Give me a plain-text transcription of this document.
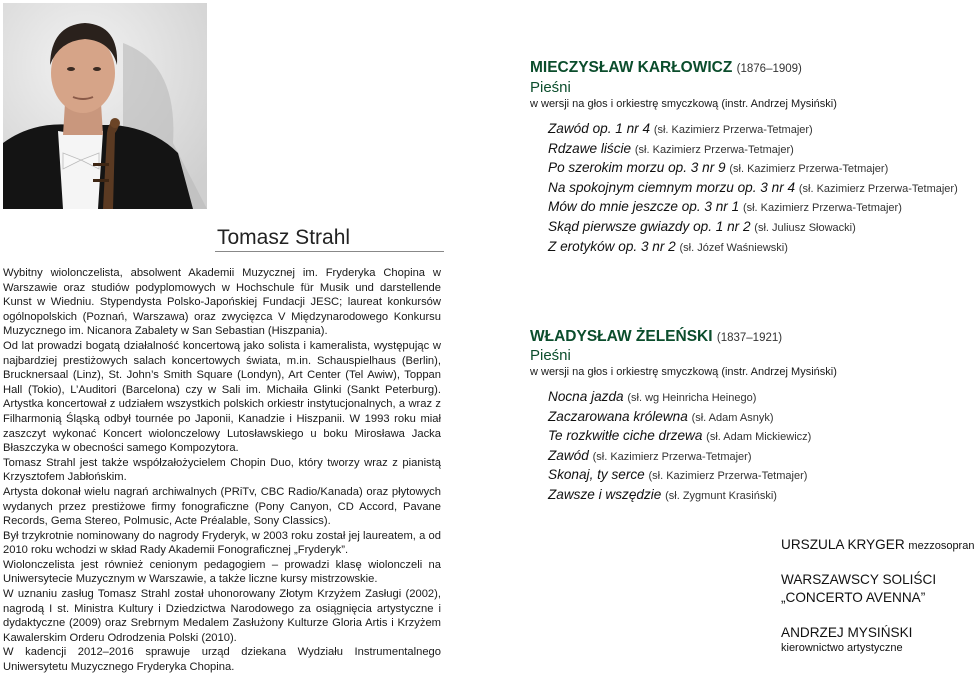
Tomasz Strahl

Wybitny wiolonczelista, absolwent Akademii Muzycznej im. Fryderyka Chopina w Warszawie oraz studiów podyplomowych w Hochschule für Musik und darstellende Kunst w Wiedniu. Stypendysta Polsko-Japońskiej Fundacji JESC; laureat konkursów ogólnopolskich (Poznań, Warszawa) oraz zwycięzca V Międzynarodowego Konkursu Muzycznego im. Nicanora Zabalety w San Sebastian (Hiszpania).

Od lat prowadzi bogatą działalność koncertową jako solista i kameralista, występując w najbardziej prestiżowych salach koncertowych świata, m.in. Schauspielhaus (Berlin), Brucknersaal (Linz), St. John’s Smith Square (Londyn), Art Center (Tel Awiw), Toppan Hall (Tokio), L’Auditori (Barcelona) czy w Sali im. Michaiła Glinki (Sankt Peterburg). Artystka koncertował z udziałem wszystkich polskich orkiestr instytucjonalnych, a wraz z Filharmonią Śląską odbył tournée po Japonii, Kanadzie i Hiszpanii. W 1993 roku miał zaszczyt wykonać Koncert wiolonczelowy Lutosławskiego u boku Mirosława Jacka Błaszczyka w obecności samego Kompozytora.

Tomasz Strahl jest także współzałożycielem Chopin Duo, który tworzy wraz z pianistą Krzysztofem Jabłońskim.

Artysta dokonał wielu nagrań archiwalnych (PRiTv, CBC Radio/Kanada) oraz płytowych wydanych przez prestiżowe firmy fonograficzne (Pony Canyon, CD Accord, Pavane Records, Gema Stereo, Polmusic, Acte Préalable, Sony Classics).

Był trzykrotnie nominowany do nagrody Fryderyk, w 2003 roku został jej laureatem, a od 2010 roku wchodzi w skład Rady Akademii Fonograficznej „Fryderyk”.

Wiolonczelista jest również cenionym pedagogiem – prowadzi klasę wiolonczeli na Uniwersytecie Muzycznym w Warszawie, a także liczne kursy mistrzowskie.

W uznaniu zasług Tomasz Strahl został uhonorowany Złotym Krzyżem Zasługi (2002), nagrodą I st. Ministra Kultury i Dziedzictwa Narodowego za osiągnięcia artystyczne i dydaktyczne (2009) oraz Srebrnym Medalem Zasłużony Kulturze Gloria Artis i Krzyżem Kawalerskim Orderu Odrodzenia Polski (2010).

W kadencji 2012–2016 sprawuje urząd dziekana Wydziału Instrumentalnego Uniwersytetu Muzycznego Fryderyka Chopina.

MIECZYSŁAW KARŁOWICZ (1876–1909)
Pieśni
w wersji na głos i orkiestrę smyczkową (instr. Andrzej Mysiński)
Zawód op. 1 nr 4 (sł. Kazimierz Przerwa-Tetmajer)
Rdzawe liście (sł. Kazimierz Przerwa-Tetmajer)
Po szerokim morzu op. 3 nr 9 (sł. Kazimierz Przerwa-Tetmajer)
Na spokojnym ciemnym morzu op. 3 nr 4 (sł. Kazimierz Przerwa-Tetmajer)
Mów do mnie jeszcze op. 3 nr 1 (sł. Kazimierz Przerwa-Tetmajer)
Skąd pierwsze gwiazdy op. 1 nr 2 (sł. Juliusz Słowacki)
Z erotyków op. 3 nr 2 (sł. Józef Waśniewski)
WŁADYSŁAW ŻELEŃSKI (1837–1921)
Pieśni
w wersji na głos i orkiestrę smyczkową (instr. Andrzej Mysiński)
Nocna jazda (sł. wg Heinricha Heinego)
Zaczarowana królewna (sł. Adam Asnyk)
Te rozkwitłe ciche drzewa (sł. Adam Mickiewicz)
Zawód (sł. Kazimierz Przerwa-Tetmajer)
Skonaj, ty serce (sł. Kazimierz Przerwa-Tetmajer)
Zawsze i wszędzie (sł. Zygmunt Krasiński)
URSZULA KRYGER mezzosopran
WARSZAWSCY SOLIŚCI
„CONCERTO AVENNA”
ANDRZEJ MYSIŃSKI
kierownictwo artystyczne
